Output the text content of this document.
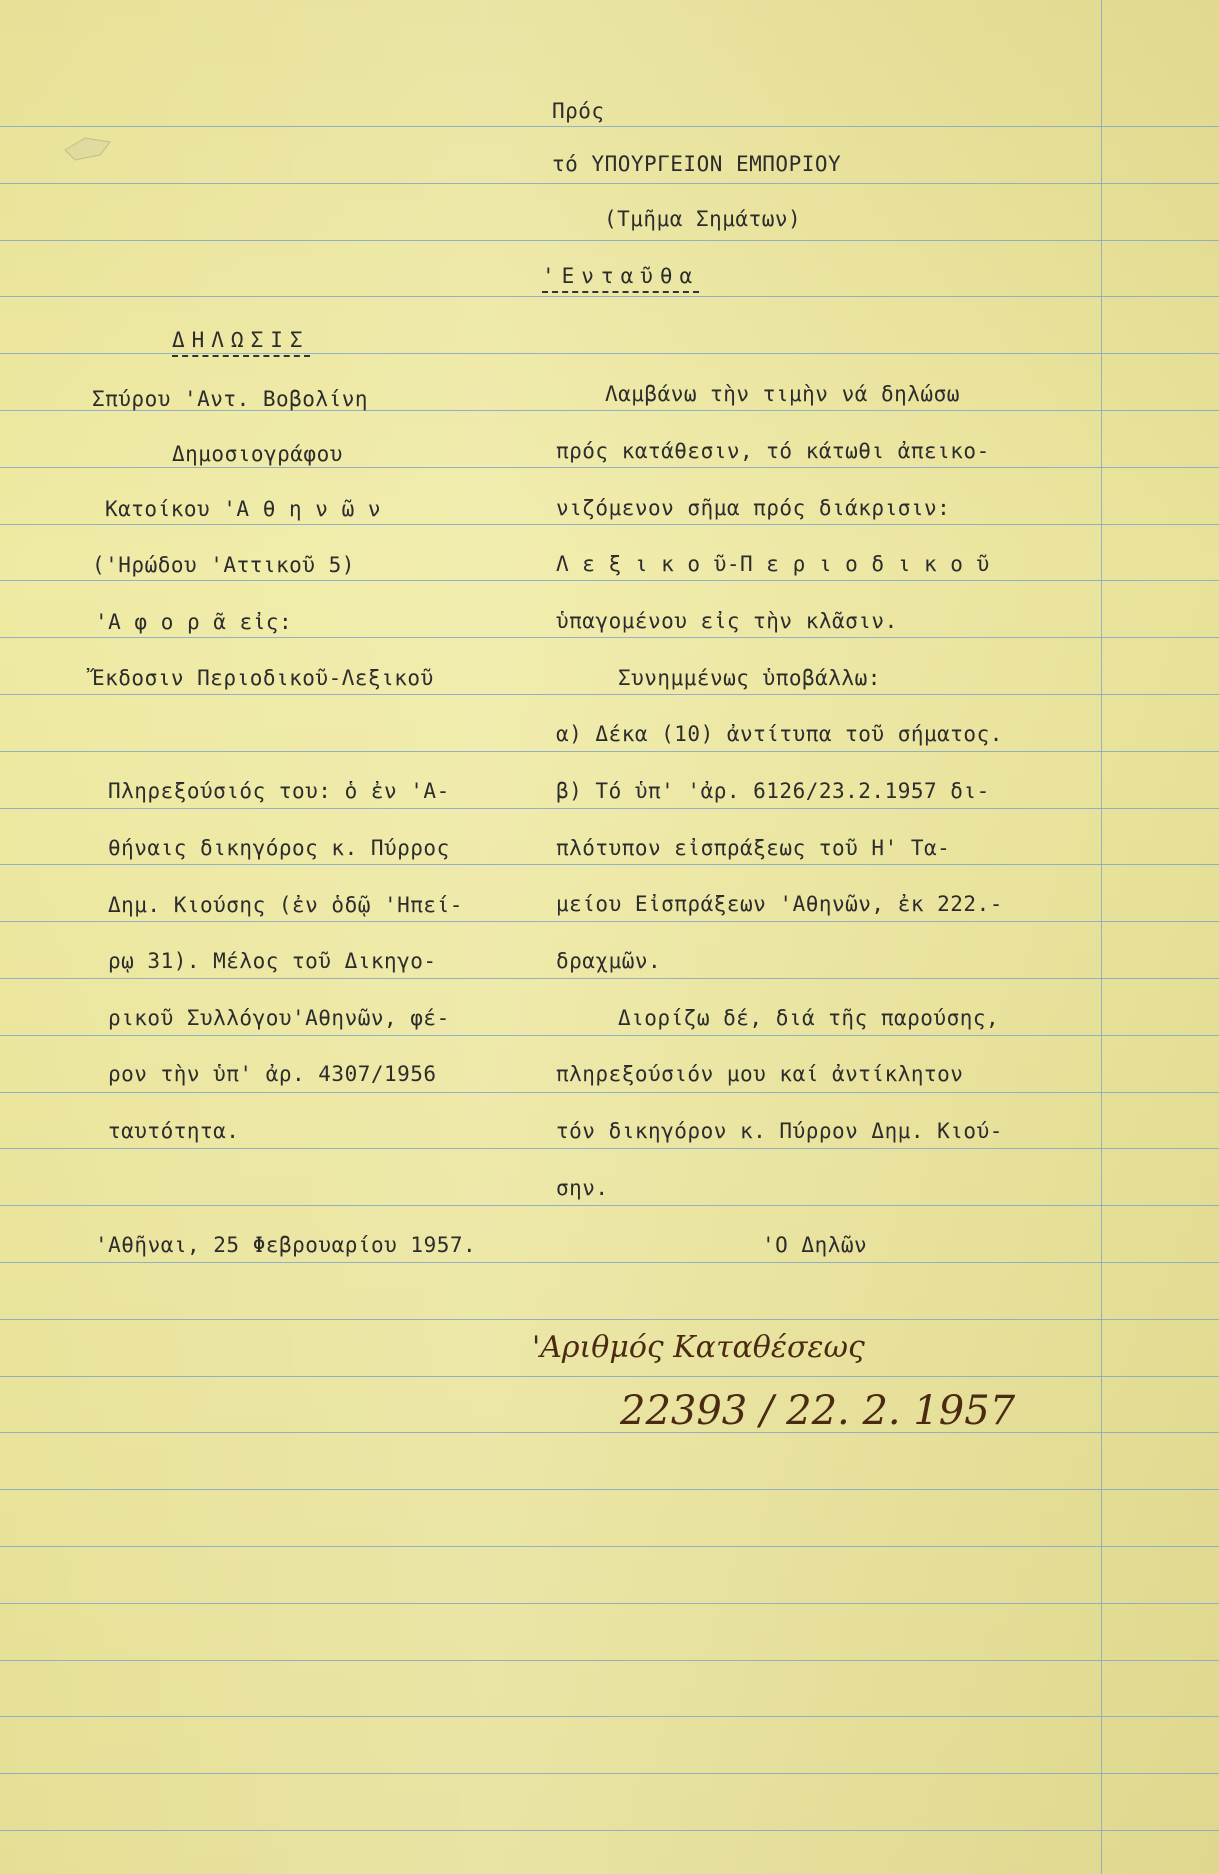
Πρός
τό ΥΠΟΥΡΓΕΙΟΝ ΕΜΠΟΡΙΟΥ
(Τμῆμα Σημάτων)
'Ενταῦθα
ΔΗΛΩΣΙΣ
Σπύρου 'Αντ. Βοβολίνη
Δημοσιογράφου
Κατοίκου 'Α θ η ν ῶ ν
('Ηρώδου 'Αττικοῦ 5)
'Α φ ο ρ ᾶ εἰς:
Ἔκδοσιν Περιοδικοῦ-Λεξικοῦ
Πληρεξούσιός του: ὁ ἐν 'Α-
θήναις δικηγόρος κ. Πύρρος
Δημ. Κιούσης (ἐν ὁδῷ 'Ηπεί-
ρῳ 31). Μέλος τοῦ Δικηγο-
ρικοῦ Συλλόγου'Αθηνῶν, φέ-
ρον τὴν ὑπ' ἀρ. 4307/1956
ταυτότητα.
'Αθῆναι, 25 Φεβρουαρίου 1957.
Λαμβάνω τὴν τιμὴν νά δηλώσω
πρός κατάθεσιν, τό κάτωθι ἀπεικο-
νιζόμενον σῆμα πρός διάκρισιν:
Λ ε ξ ι κ ο ῦ-Π ε ρ ι ο δ ι κ ο ῦ
ὑπαγομένου εἰς τὴν κλᾶσιν.
Συνημμένως ὑποβάλλω:
α) Δέκα (10) ἀντίτυπα τοῦ σήματος.
β) Τό ὑπ' 'ἀρ. 6126/23.2.1957 δι-
πλότυπον εἰσπράξεως τοῦ Η' Τα-
μείου Εἰσπράξεων 'Αθηνῶν, ἐκ 222.-
δραχμῶν.
Διορίζω δέ, διά τῆς παρούσης,
πληρεξούσιόν μου καί ἀντίκλητον
τόν δικηγόρον κ. Πύρρον Δημ. Κιού-
σην.
'Ο Δηλῶν
'Αριθμός Καταθέσεως
22393 / 22. 2. 1957
